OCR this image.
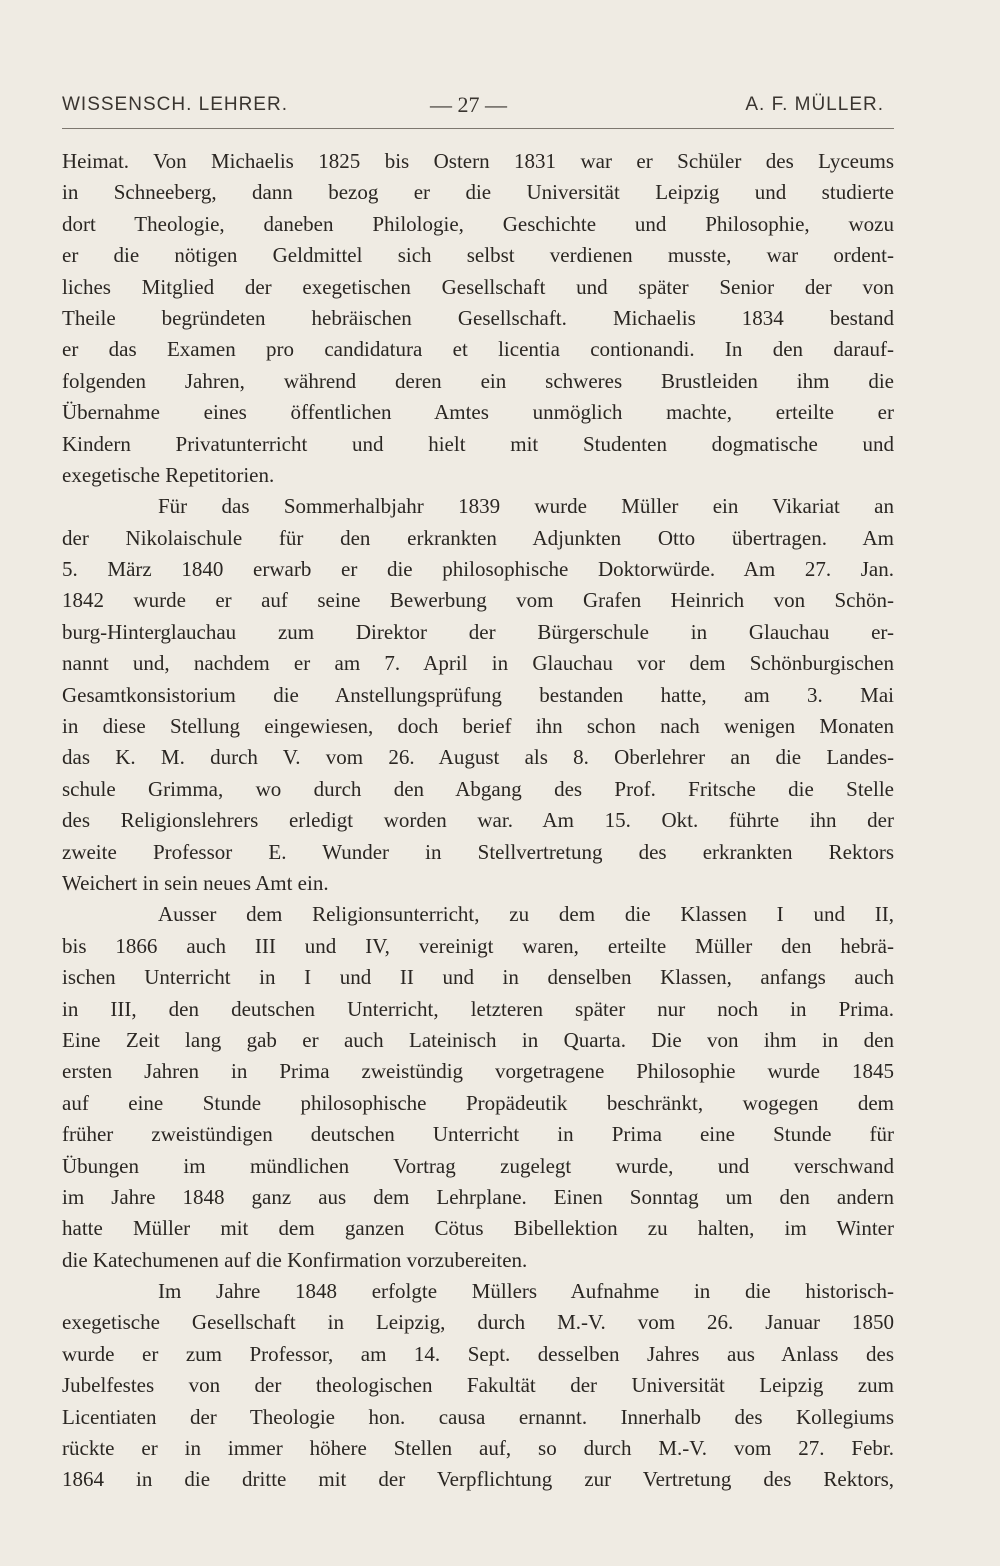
WISSENSCH. LEHRER.	— 27 —	A. F. MÜLLER.
Heimat. Von Michaelis 1825 bis Ostern 1831 war er Schüler des Lyceums
in Schneeberg, dann bezog er die Universität Leipzig und studierte
dort Theologie, daneben Philologie, Geschichte und Philosophie, wozu
er die nötigen Geldmittel sich selbst verdienen musste, war ordent-
liches Mitglied der exegetischen Gesellschaft und später Senior der von
Theile begründeten hebräischen Gesellschaft. Michaelis 1834 bestand
er das Examen pro candidatura et licentia contionandi. In den darauf-
folgenden Jahren, während deren ein schweres Brustleiden ihm die
Übernahme eines öffentlichen Amtes unmöglich machte, erteilte er
Kindern Privatunterricht und hielt mit Studenten dogmatische und
exegetische Repetitorien.
Für das Sommerhalbjahr 1839 wurde Müller ein Vikariat an
der Nikolaischule für den erkrankten Adjunkten Otto übertragen. Am
5. März 1840 erwarb er die philosophische Doktorwürde. Am 27. Jan.
1842 wurde er auf seine Bewerbung vom Grafen Heinrich von Schön-
burg-Hinterglauchau zum Direktor der Bürgerschule in Glauchau er-
nannt und, nachdem er am 7. April in Glauchau vor dem Schönburgischen
Gesamtkonsistorium die Anstellungsprüfung bestanden hatte, am 3. Mai
in diese Stellung eingewiesen, doch berief ihn schon nach wenigen Monaten
das K. M. durch V. vom 26. August als 8. Oberlehrer an die Landes-
schule Grimma, wo durch den Abgang des Prof. Fritsche die Stelle
des Religionslehrers erledigt worden war. Am 15. Okt. führte ihn der
zweite Professor E. Wunder in Stellvertretung des erkrankten Rektors
Weichert in sein neues Amt ein.
Ausser dem Religionsunterricht, zu dem die Klassen I und II,
bis 1866 auch III und IV, vereinigt waren, erteilte Müller den hebrä-
ischen Unterricht in I und II und in denselben Klassen, anfangs auch
in III, den deutschen Unterricht, letzteren später nur noch in Prima.
Eine Zeit lang gab er auch Lateinisch in Quarta. Die von ihm in den
ersten Jahren in Prima zweistündig vorgetragene Philosophie wurde 1845
auf eine Stunde philosophische Propädeutik beschränkt, wogegen dem
früher zweistündigen deutschen Unterricht in Prima eine Stunde für
Übungen im mündlichen Vortrag zugelegt wurde, und verschwand
im Jahre 1848 ganz aus dem Lehrplane. Einen Sonntag um den andern
hatte Müller mit dem ganzen Cötus Bibellektion zu halten, im Winter
die Katechumenen auf die Konfirmation vorzubereiten.
Im Jahre 1848 erfolgte Müllers Aufnahme in die historisch-
exegetische Gesellschaft in Leipzig, durch M.-V. vom 26. Januar 1850
wurde er zum Professor, am 14. Sept. desselben Jahres aus Anlass des
Jubelfestes von der theologischen Fakultät der Universität Leipzig zum
Licentiaten der Theologie hon. causa ernannt. Innerhalb des Kollegiums
rückte er in immer höhere Stellen auf, so durch M.-V. vom 27. Febr.
1864 in die dritte mit der Verpflichtung zur Vertretung des Rektors,
